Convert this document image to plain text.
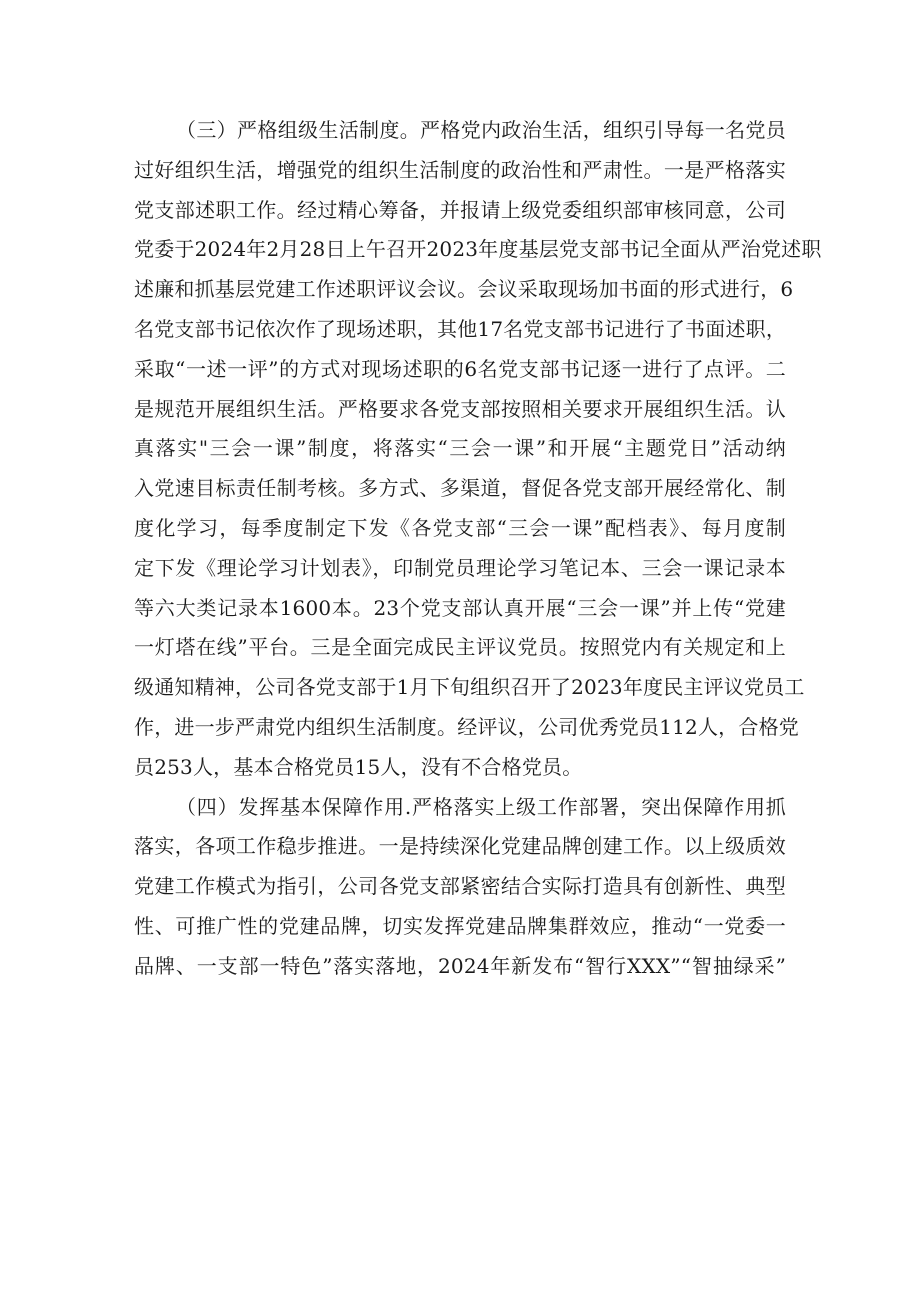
（三）严格组级生活制度。严格党内政治生活，组织引导每一名党员
过好组织生活，增强党的组织生活制度的政治性和严肃性。一是严格落实
党支部述职工作。经过精心筹备，并报请上级党委组织部审核同意，公司
党委于2024年2月28日上午召开2023年度基层党支部书记全面从严治党述职
述廉和抓基层党建工作述职评议会议。会议采取现场加书面的形式进行，6
名党支部书记依次作了现场述职，其他17名党支部书记进行了书面述职，
采取“一述一评”的方式对现场述职的6名党支部书记逐一进行了点评。二
是规范开展组织生活。严格要求各党支部按照相关要求开展组织生活。认
真落实"三会一课”制度，将落实“三会一课”和开展“主题党日”活动纳
入党速目标责任制考核。多方式、多渠道，督促各党支部开展经常化、制
度化学习，每季度制定下发《各党支部“三会一课”配档表》、每月度制
定下发《理论学习计划表》，印制党员理论学习笔记本、三会一课记录本
等六大类记录本1600本。23个党支部认真开展“三会一课”并上传“党建
一灯塔在线”平台。三是全面完成民主评议党员。按照党内有关规定和上
级通知精神，公司各党支部于1月下旬组织召开了2023年度民主评议党员工
作，进一步严肃党内组织生活制度。经评议，公司优秀党员112人，合格党
员253人，基本合格党员15人，没有不合格党员。
（四）发挥基本保障作用.严格落实上级工作部署，突出保障作用抓
落实，各项工作稳步推进。一是持续深化党建品牌创建工作。以上级质效
党建工作模式为指引，公司各党支部紧密结合实际打造具有创新性、典型
性、可推广性的党建品牌，切实发挥党建品牌集群效应，推动“一党委一
品牌、一支部一特色”落实落地，2024年新发布“智行XXX”“智抽绿采”
